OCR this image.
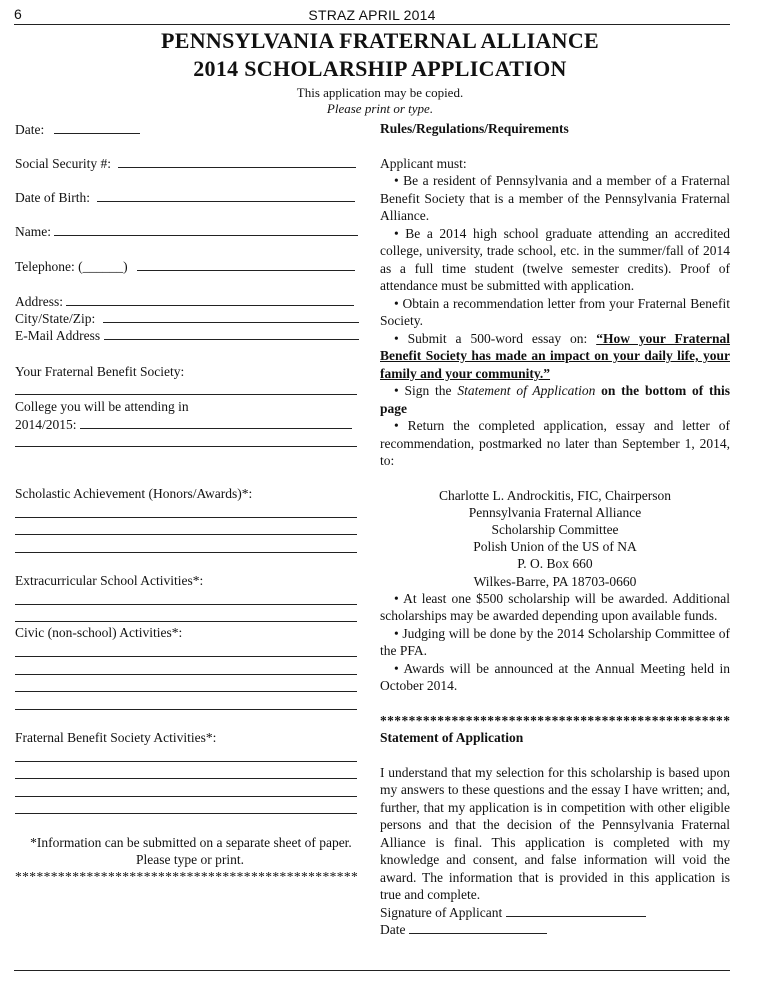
6	STRAZ APRIL 2014
PENNSYLVANIA FRATERNAL ALLIANCE
2014 SCHOLARSHIP APPLICATION
This application may be copied.
Please print or type.
Date:
Social Security #:
Date of Birth:
Name:
Telephone: (______)
Address:
City/State/Zip:
E-Mail Address
Your Fraternal Benefit Society:
College you will be attending in
2014/2015:
Scholastic Achievement (Honors/Awards)*:
Extracurricular School Activities*:
Civic (non-school) Activities*:
Fraternal Benefit Society Activities*:
*Information can be submitted on a separate sheet of paper.
Please type or print.
************************************************

Rules/Regulations/Requirements

Applicant must:

• Be a resident of Pennsylvania and a member of a Fraternal Benefit Society that is a member of the Pennsylvania Fraternal Alliance.

• Be a 2014 high school graduate attending an accredited college, university, trade school, etc. in the summer/fall of 2014 as a full time student (twelve semester credits). Proof of attendance must be submitted with application.

• Obtain a recommendation letter from your Fraternal Benefit Society.

• Submit a 500-word essay on: “How your Fraternal Benefit Society has made an impact on your daily life, your family and your community.”

• Sign the Statement of Application on the bottom of this page

• Return the completed application, essay and letter of recommendation, postmarked no later than September 1, 2014, to:

Charlotte L. Androckitis, FIC, Chairperson
Pennsylvania Fraternal Alliance
Scholarship Committee
Polish Union of the US of NA
P. O. Box 660
Wilkes-Barre, PA 18703-0660

• At least one $500 scholarship will be awarded. Additional scholarships may be awarded depending upon available funds.

• Judging will be done by the 2014 Scholarship Committee of the PFA.

• Awards will be announced at the Annual Meeting held in October 2014.

*************************************************

Statement of Application

I understand that my selection for this scholarship is based upon my answers to these questions and the essay I have written; and, further, that my application is in competition with other eligible persons and that the decision of the Pennsylvania Fraternal Alliance is final. This application is completed with my knowledge and consent, and false information will void the award. The information that is provided in this application is true and complete.

Signature of Applicant

Date
